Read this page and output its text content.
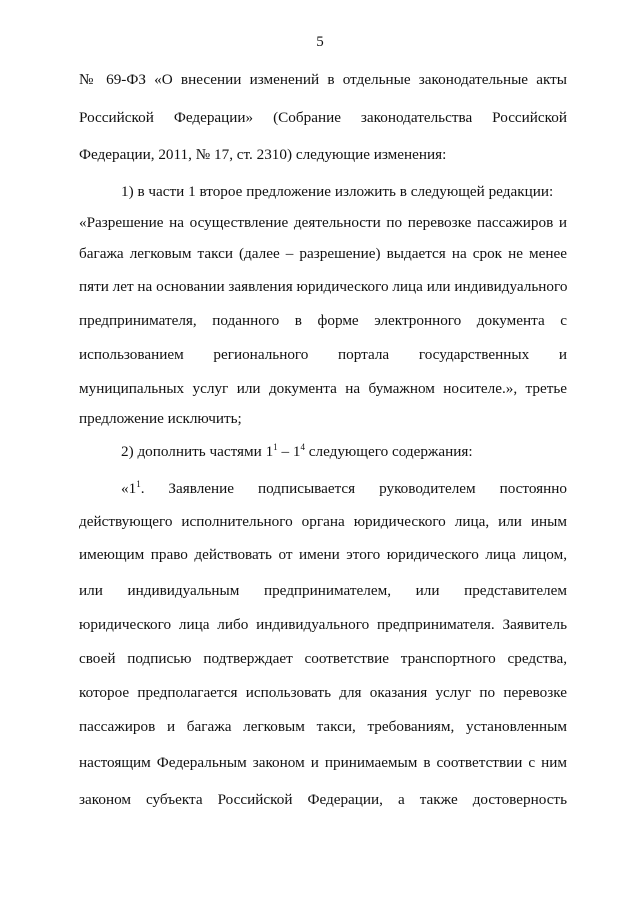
5
№ 69-ФЗ «О внесении изменений в отдельные законодательные акты
Российской Федерации» (Собрание законодательства Российской
Федерации, 2011, № 17, ст. 2310) следующие изменения:
1) в части 1 второе предложение изложить в следующей редакции:
«Разрешение на осуществление деятельности по перевозке пассажиров и
багажа легковым такси (далее – разрешение) выдается на срок не менее
пяти лет на основании заявления юридического лица или индивидуального
предпринимателя, поданного в форме электронного документа с
использованием регионального портала государственных и
муниципальных услуг или документа на бумажном носителе.», третье
предложение исключить;
2) дополнить частями $1^1 - 1^4$ следующего содержания:
«$1^1$. Заявление подписывается руководителем постоянно
действующего исполнительного органа юридического лица, или иным
имеющим право действовать от имени этого юридического лица лицом,
или индивидуальным предпринимателем, или представителем
юридического лица либо индивидуального предпринимателя. Заявитель
своей подписью подтверждает соответствие транспортного средства,
которое предполагается использовать для оказания услуг по перевозке
пассажиров и багажа легковым такси, требованиям, установленным
настоящим Федеральным законом и принимаемым в соответствии с ним
законом субъекта Российской Федерации, а также достоверность
